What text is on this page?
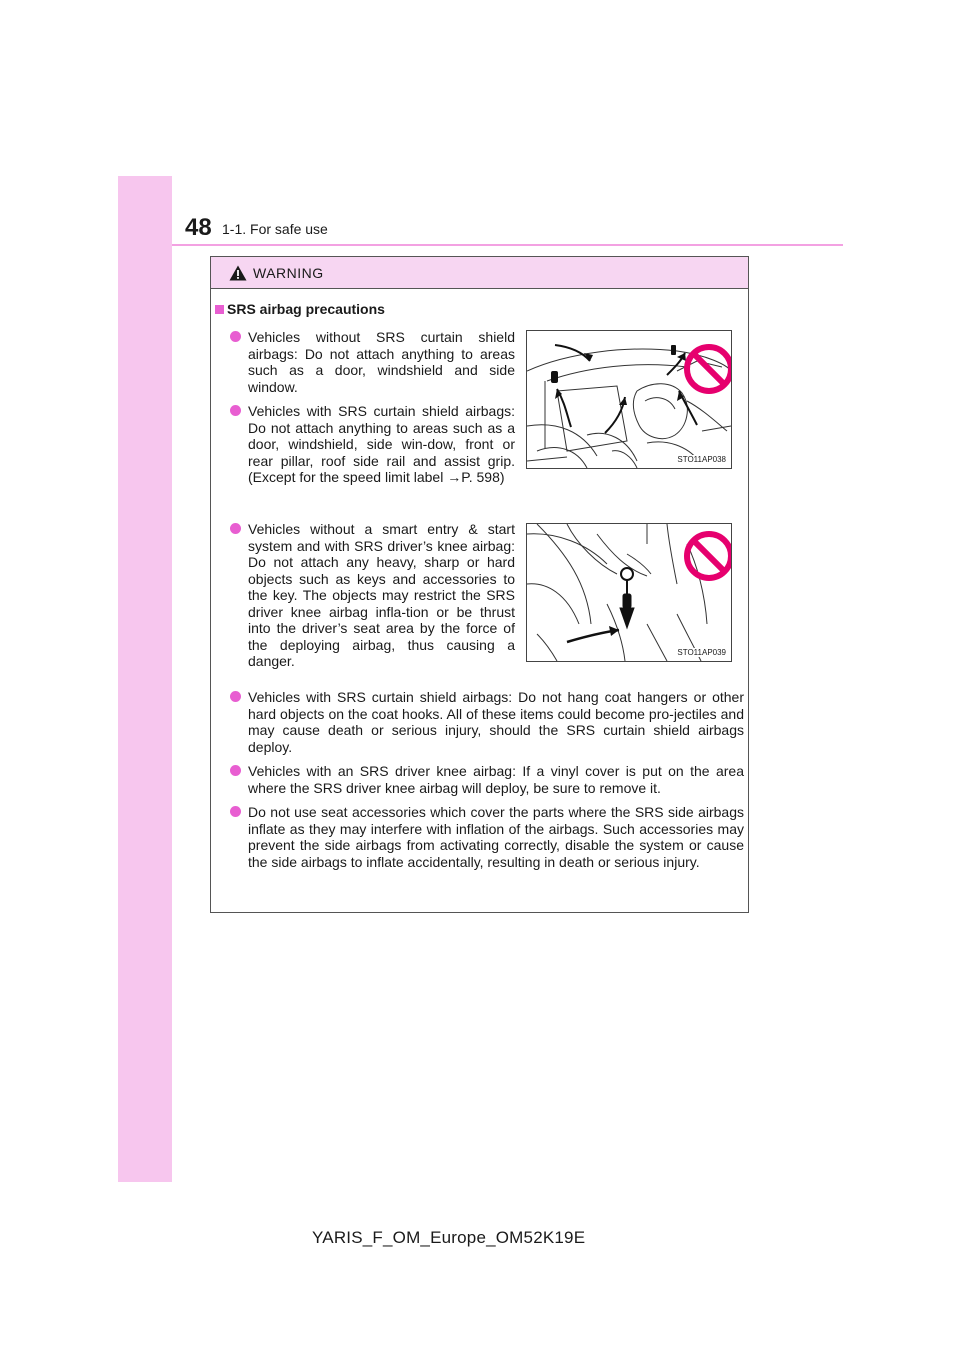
48 1-1. For safe use
WARNING
SRS airbag precautions
Vehicles without SRS curtain shield airbags: Do not attach anything to areas such as a door, windshield and side window.
Vehicles with SRS curtain shield airbags: Do not attach anything to areas such as a door, windshield, side win-dow, front or rear pillar, roof side rail and assist grip. (Except for the speed limit label →P. 598)
Vehicles without a smart entry & start system and with SRS driver’s knee airbag: Do not attach any heavy, sharp or hard objects such as keys and accessories to the key. The objects may restrict the SRS driver knee airbag infla-tion or be thrust into the driver’s seat area by the force of the deploying airbag, thus causing a danger.
Vehicles with SRS curtain shield airbags: Do not hang coat hangers or other hard objects on the coat hooks. All of these items could become pro-jectiles and may cause death or serious injury, should the SRS curtain shield airbags deploy.
Vehicles with an SRS driver knee airbag: If a vinyl cover is put on the area where the SRS driver knee airbag will deploy, be sure to remove it.
Do not use seat accessories which cover the parts where the SRS side airbags inflate as they may interfere with inflation of the airbags. Such accessories may prevent the side airbags from activating correctly, disable the system or cause the side airbags to inflate accidentally, resulting in death or serious injury.
STO11AP038
STO11AP039
YARIS_F_OM_Europe_OM52K19E
